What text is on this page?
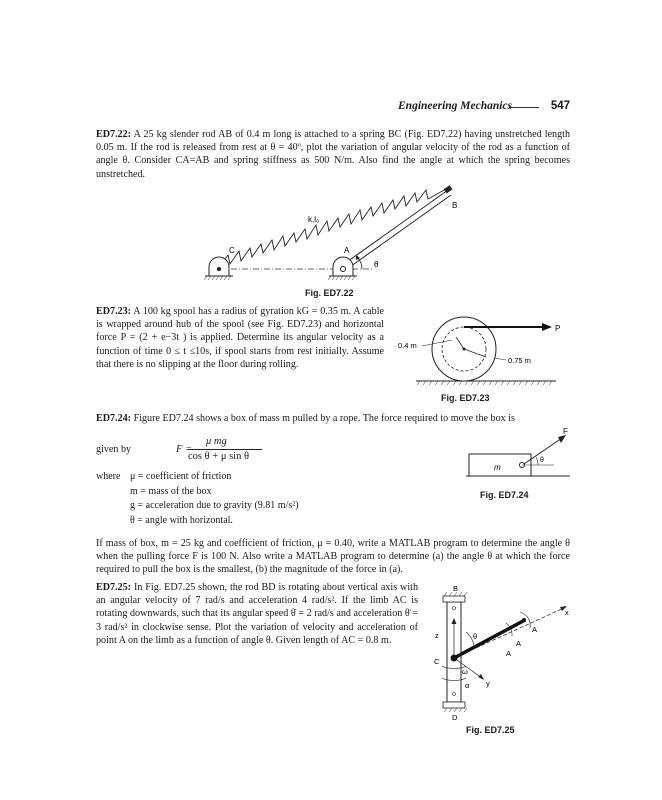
Engineering Mechanics	547
ED7.22: A 25 kg slender rod AB of 0.4 m long is attached to a spring BC (Fig. ED7.22) having unstretched length 0.05 m. If the rod is released from rest at θ = 40º, plot the variation of angular velocity of the rod as a function of angle θ. Consider CA=AB and spring stiffness as 500 N/m. Also find the angle at which the spring becomes unstretched.
θ
B
C	A
k,l₀
Fig. ED7.22
ED7.23: A 100 kg spool has a radius of gyration kG = 0.35 m. A cable is wrapped around hub of the spool (see Fig. ED7.23) and horizontal force P = (2 + e−3t ) is applied. Determine its angular velocity as a function of time 0 ≤ t ≤10s, if spool starts from rest initially. Assume that there is no slipping at the floor during rolling.
P
0.4 m
0.75 m
Fig. ED7.23
ED7.24: Figure ED7.24 shows a box of mass m pulled by a rope. The force required to move the box is
given by	F =
μ mg
cos θ + μ sin θ
where μ = coefficient of friction
m = mass of the box
g = acceleration due to gravity (9.81 m/s²)
θ = angle with horizontal.
m
F
θ
Fig. ED7.24
If mass of box, m = 25 kg and coefficient of friction, μ = 0.40, write a MATLAB program to determine the angle θ when the pulling force F is 100 N. Also write a MATLAB program to determine (a) the angle θ at which the force required to pull the box is the smallest, (b) the magnitude of the force in (a).
ED7.25: In Fig. ED7.25 shown, the rod BD is rotating about vertical axis with an angular velocity of 7 rad/s and acceleration 4 rad/s². If the limb AC is rotating downwards, such that its angular speed θ̇ = 2 rad/s and acceleration θ̈ = 3 rad/s² in clockwise sense. Plot the variation of velocity and acceleration of point A on the limb as a function of angle θ. Given length of AC = 0.8 m.
B
D
C
z
x
y
θ
A
A
A
ω
α
Fig. ED7.25
